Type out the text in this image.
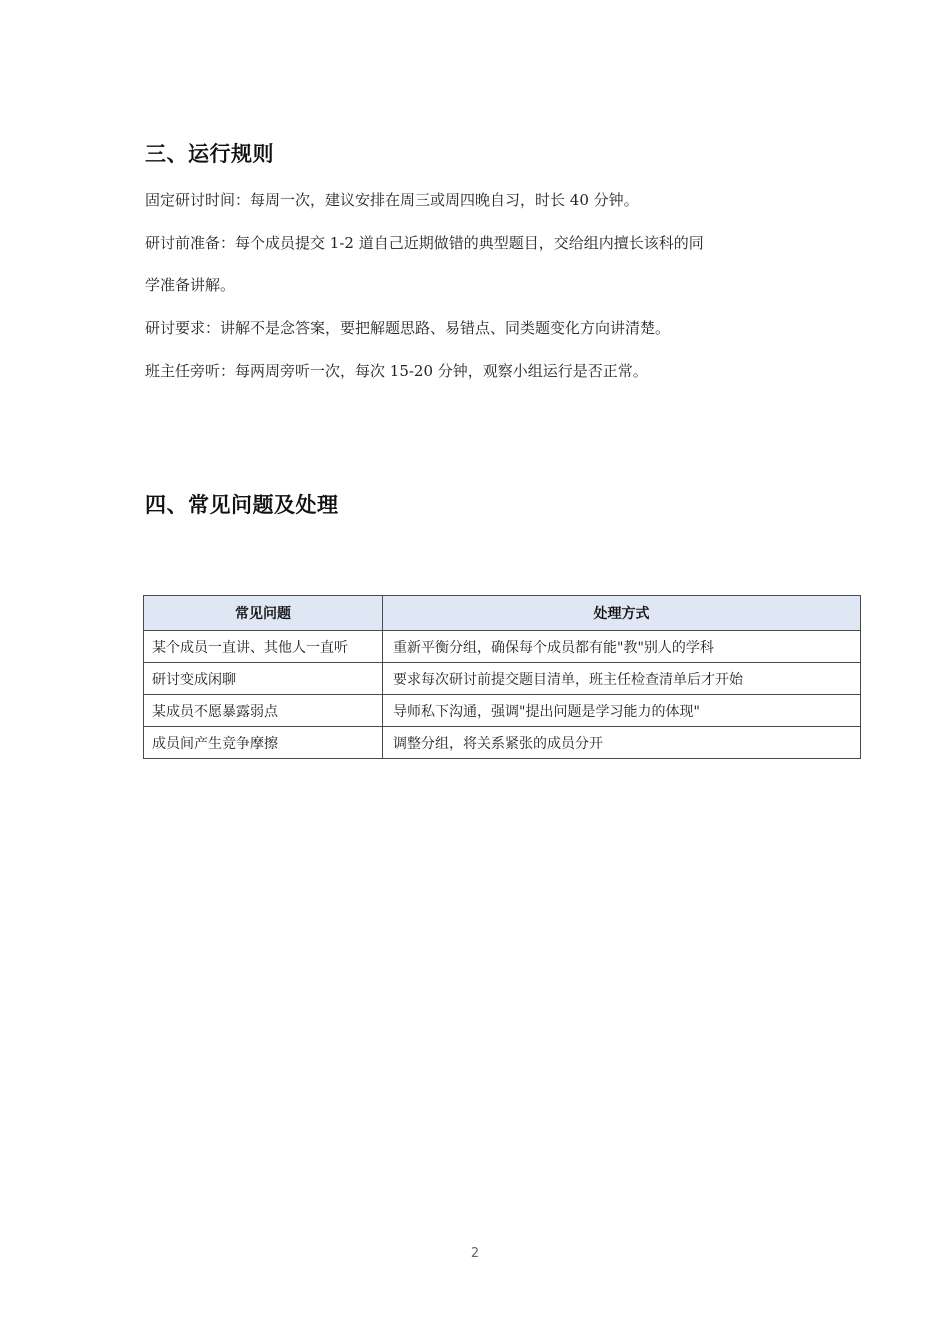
三、运行规则

固定研讨时间：每周一次，建议安排在周三或周四晚自习，时长 40 分钟。

研讨前准备：每个成员提交 1-2 道自己近期做错的典型题目，交给组内擅长该科的同

学准备讲解。

研讨要求：讲解不是念答案，要把解题思路、易错点、同类题变化方向讲清楚。

班主任旁听：每两周旁听一次，每次 15-20 分钟，观察小组运行是否正常。

四、常见问题及处理
常见问题	处理方式
某个成员一直讲、其他人一直听	重新平衡分组，确保每个成员都有能"教"别人的学科
研讨变成闲聊	要求每次研讨前提交题目清单，班主任检查清单后才开始
某成员不愿暴露弱点	导师私下沟通，强调"提出问题是学习能力的体现"
成员间产生竞争摩擦	调整分组，将关系紧张的成员分开
2
